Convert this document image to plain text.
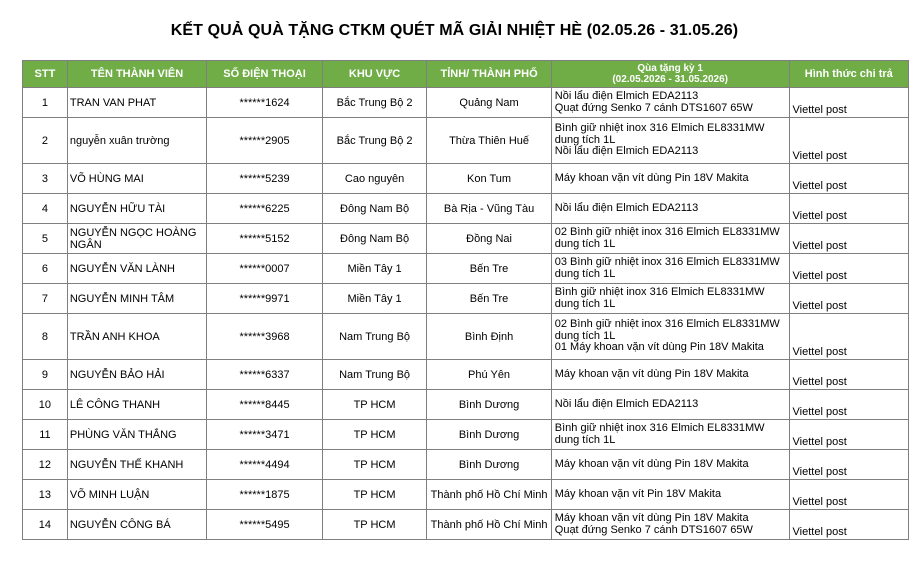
KẾT QUẢ QUÀ TẶNG CTKM QUÉT MÃ GIẢI NHIỆT HÈ (02.05.26 - 31.05.26)
STT	TÊN THÀNH VIÊN	SỐ ĐIỆN THOẠI	KHU VỰC	TỈNH/ THÀNH PHỐ	Qùa tặng kỳ 1
(02.05.2026 - 31.05.2026)	Hình thức chi trả
1	TRAN VAN PHAT	******1624	Bắc Trung Bộ 2	Quảng Nam	Nồi lẩu điện Elmich EDA2113
Quạt đứng Senko 7 cánh DTS1607 65W	Viettel post
2	nguyễn xuân trường	******2905	Bắc Trung Bộ 2	Thừa Thiên Huế	Bình giữ nhiệt inox 316 Elmich EL8331MW
dung tích 1L
Nồi lẩu điện Elmich EDA2113	Viettel post
3	VÕ HÙNG MAI	******5239	Cao nguyên	Kon Tum	Máy khoan vặn vít dùng Pin 18V Makita	Viettel post
4	NGUYỄN HỮU TÀI	******6225	Đông Nam Bộ	Bà Rịa - Vũng Tàu	Nồi lẩu điện Elmich EDA2113	Viettel post
5	NGUYỄN NGỌC HOÀNG NGÂN	******5152	Đông Nam Bộ	Đồng Nai	02 Bình giữ nhiệt inox 316 Elmich EL8331MW
dung tích 1L	Viettel post
6	NGUYỄN VĂN LÀNH	******0007	Miền Tây 1	Bến Tre	03 Bình giữ nhiệt inox 316 Elmich EL8331MW
dung tích 1L	Viettel post
7	NGUYỄN MINH TÂM	******9971	Miền Tây 1	Bến Tre	Bình giữ nhiệt inox 316 Elmich EL8331MW
dung tích 1L	Viettel post
8	TRẦN ANH KHOA	******3968	Nam Trung Bộ	Bình Định	02 Bình giữ nhiệt inox 316 Elmich EL8331MW
dung tích 1L
01 Máy khoan vặn vít dùng Pin 18V Makita	Viettel post
9	NGUYỄN BẢO HẢI	******6337	Nam Trung Bộ	Phú Yên	Máy khoan vặn vít dùng Pin 18V Makita	Viettel post
10	LÊ CÔNG THANH	******8445	TP HCM	Bình Dương	Nồi lẩu điện Elmich EDA2113	Viettel post
11	PHÙNG VĂN THẮNG	******3471	TP HCM	Bình Dương	Bình giữ nhiệt inox 316 Elmich EL8331MW
dung tích 1L	Viettel post
12	NGUYỄN THẾ KHANH	******4494	TP HCM	Bình Dương	Máy khoan vặn vít dùng Pin 18V Makita	Viettel post
13	VÕ MINH LUẬN	******1875	TP HCM	Thành phố Hồ Chí Minh	Máy khoan vặn vít Pin 18V Makita	Viettel post
14	NGUYỄN CÔNG BÁ	******5495	TP HCM	Thành phố Hồ Chí Minh	Máy khoan vặn vít dùng Pin 18V Makita
Quạt đứng Senko 7 cánh DTS1607 65W	Viettel post
